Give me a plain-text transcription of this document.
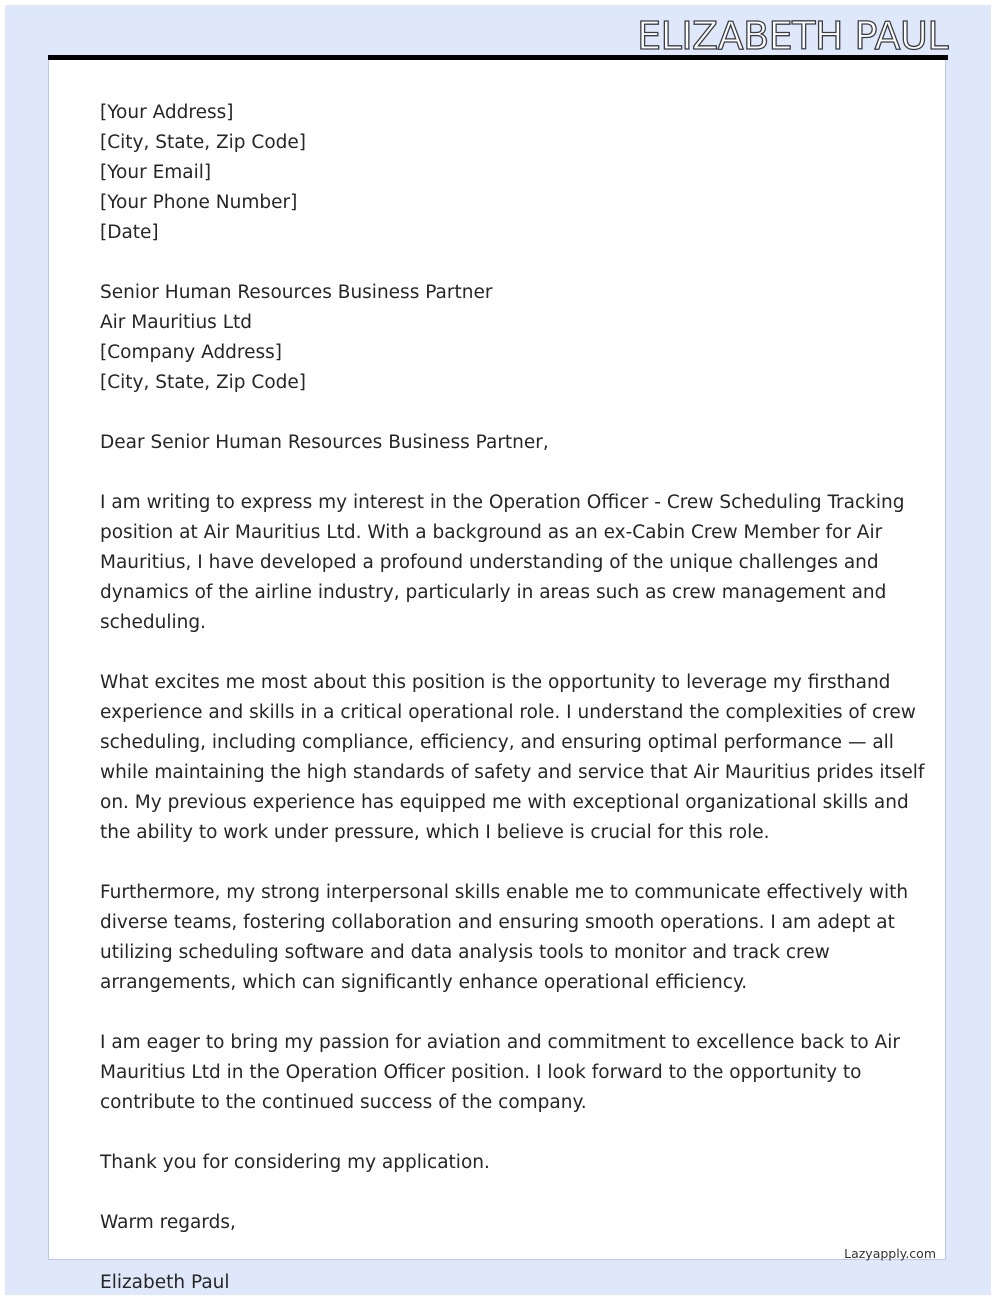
ELIZABETH PAUL
[Your Address]
[City, State, Zip Code]
[Your Email]
[Your Phone Number]
[Date]
Senior Human Resources Business Partner
Air Mauritius Ltd
[Company Address]
[City, State, Zip Code]
Dear Senior Human Resources Business Partner,
I am writing to express my interest in the Operation Officer - Crew Scheduling Tracking
position at Air Mauritius Ltd. With a background as an ex-Cabin Crew Member for Air
Mauritius, I have developed a profound understanding of the unique challenges and
dynamics of the airline industry, particularly in areas such as crew management and
scheduling.
What excites me most about this position is the opportunity to leverage my firsthand
experience and skills in a critical operational role. I understand the complexities of crew
scheduling, including compliance, efficiency, and ensuring optimal performance — all
while maintaining the high standards of safety and service that Air Mauritius prides itself
on. My previous experience has equipped me with exceptional organizational skills and
the ability to work under pressure, which I believe is crucial for this role.
Furthermore, my strong interpersonal skills enable me to communicate effectively with
diverse teams, fostering collaboration and ensuring smooth operations. I am adept at
utilizing scheduling software and data analysis tools to monitor and track crew
arrangements, which can significantly enhance operational efficiency.
I am eager to bring my passion for aviation and commitment to excellence back to Air
Mauritius Ltd in the Operation Officer position. I look forward to the opportunity to
contribute to the continued success of the company.
Thank you for considering my application.
Warm regards,
Elizabeth Paul
Lazyapply.com
